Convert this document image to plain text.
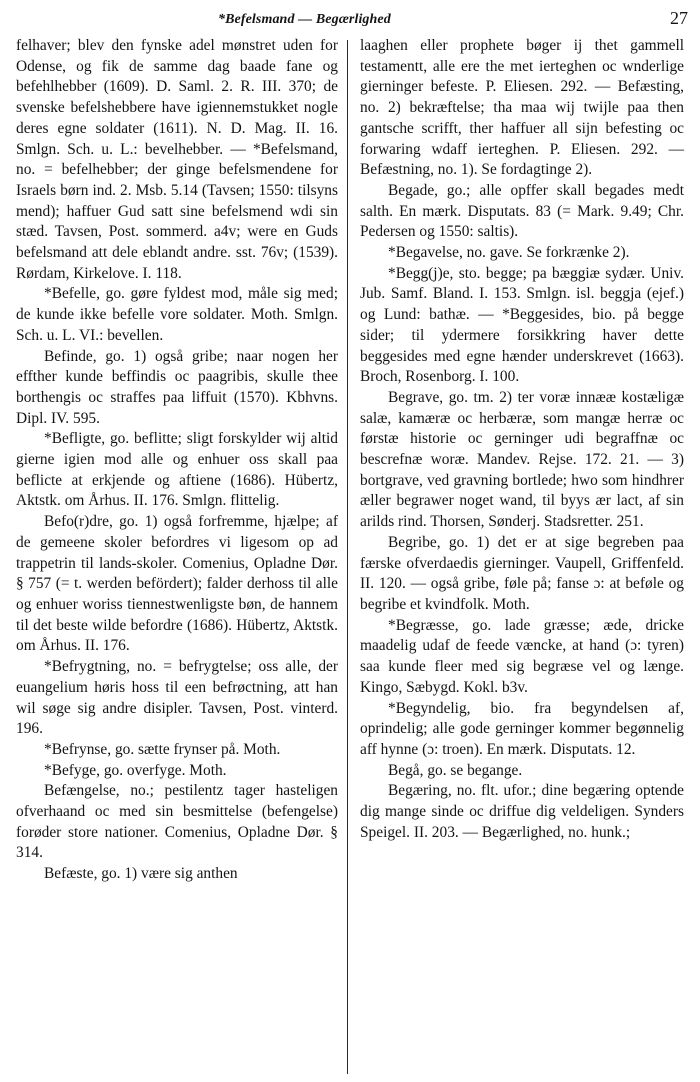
*Befelsmand — Begærlighed	27

felhaver; blev den fynske adel mønstret uden for Odense, og fik de samme dag baade fane og befehlhebber (1609). D. Saml. 2. R. III. 370; de svenske befelshebbere have igiennemstukket nogle deres egne soldater (1611). N. D. Mag. II. 16. Smlgn. Sch. u. L.: bevelhebber. — *Befelsmand, no. = befelhebber; der ginge befelsmendene for Israels børn ind. 2. Msb. 5.14 (Tavsen; 1550: tilsyns mend); haffuer Gud satt sine befelsmend wdi sin stæd. Tavsen, Post. sommerd. a4v; were en Guds befelsmand att dele eblandt andre. sst. 76v; (1539). Rørdam, Kirkelove. I. 118.

*Befelle, go. gøre fyldest mod, måle sig med; de kunde ikke befelle vore soldater. Moth. Smlgn. Sch. u. L. VI.: bevellen.

Befinde, go. 1) også gribe; naar nogen her effther kunde beffindis oc paagribis, skulle thee borthengis oc straffes paa liffuit (1570). Kbhvns. Dipl. IV. 595.

*Befligte, go. beflitte; sligt forskylder wij altid gierne igien mod alle og enhuer oss skall paa beflicte at erkjende og aftiene (1686). Hübertz, Aktstk. om Århus. II. 176. Smlgn. flittelig.

Befo(r)dre, go. 1) også forfremme, hjælpe; af de gemeene skoler befordres vi ligesom op ad trappetrin til lands-skoler. Comenius, Opladne Dør. § 757 (= t. werden befördert); falder derhoss til alle og enhuer woriss tiennestwenligste bøn, de hannem til det beste wilde befordre (1686). Hübertz, Aktstk. om Århus. II. 176.

*Befrygtning, no. = befrygtelse; oss alle, der euangelium høris hoss til een befrøctning, att han wil søge sig andre disipler. Tavsen, Post. vinterd. 196.

*Befrynse, go. sætte frynser på. Moth.

*Befyge, go. overfyge. Moth.

Befængelse, no.; pestilentz tager hasteligen ofverhaand oc med sin besmittelse (befengelse) forøder store nationer. Comenius, Opladne Dør. § 314.

Befæste, go. 1) være sig anthen

laaghen eller prophete bøger ij thet gammell testamentt, alle ere the met ierteghen oc wnderlige gierninger befeste. P. Eliesen. 292. — Befæsting, no. 2) bekræftelse; tha maa wij twijle paa then gantsche scrifft, ther haffuer all sijn befesting oc forwaring wdaff ierteghen. P. Eliesen. 292. — Befæstning, no. 1). Se fordagtinge 2).

Begade, go.; alle opffer skall begades medt salth. En mærk. Disputats. 83 (= Mark. 9.49; Chr. Pedersen og 1550: saltis).

*Begavelse, no. gave. Se forkrænke 2).

*Begg(j)e, sto. begge; pa bæggiæ sydær. Univ. Jub. Samf. Bland. I. 153. Smlgn. isl. beggja (ejef.) og Lund: bathæ. — *Beggesides, bio. på begge sider; til ydermere forsikkring haver dette beggesides med egne hænder underskrevet (1663). Broch, Rosenborg. I. 100.

Begrave, go. tm. 2) ter voræ innææ kostæligæ salæ, kamæræ oc herbæræ, som mangæ herræ oc førstæ historie oc gerninger udi begraffnæ oc bescrefnæ woræ. Mandev. Rejse. 172. 21. — 3) bortgrave, ved gravning bortlede; hwo som hindhrer æller begrawer noget wand, til byys ær lact, af sin arilds rind. Thorsen, Sønderj. Stadsretter. 251.

Begribe, go. 1) det er at sige begreben paa færske ofverdaedis gierninger. Vaupell, Griffenfeld. II. 120. — også gribe, føle på; fanse ɔ: at beføle og begribe et kvindfolk. Moth.

*Begræsse, go. lade græsse; æde, dricke maadelig udaf de feede væncke, at hand (ɔ: tyren) saa kunde fleer med sig begræse vel og længe. Kingo, Sæbygd. Kokl. b3v.

*Begyndelig, bio. fra begyndelsen af, oprindelig; alle gode gerninger kommer begønnelig aff hynne (ɔ: troen). En mærk. Disputats. 12.

Begå, go. se begange.

Begæring, no. flt. ufor.; dine begæring optende dig mange sinde oc driffue dig veldeligen. Synders Speigel. II. 203. — Begærlighed, no. hunk.;
